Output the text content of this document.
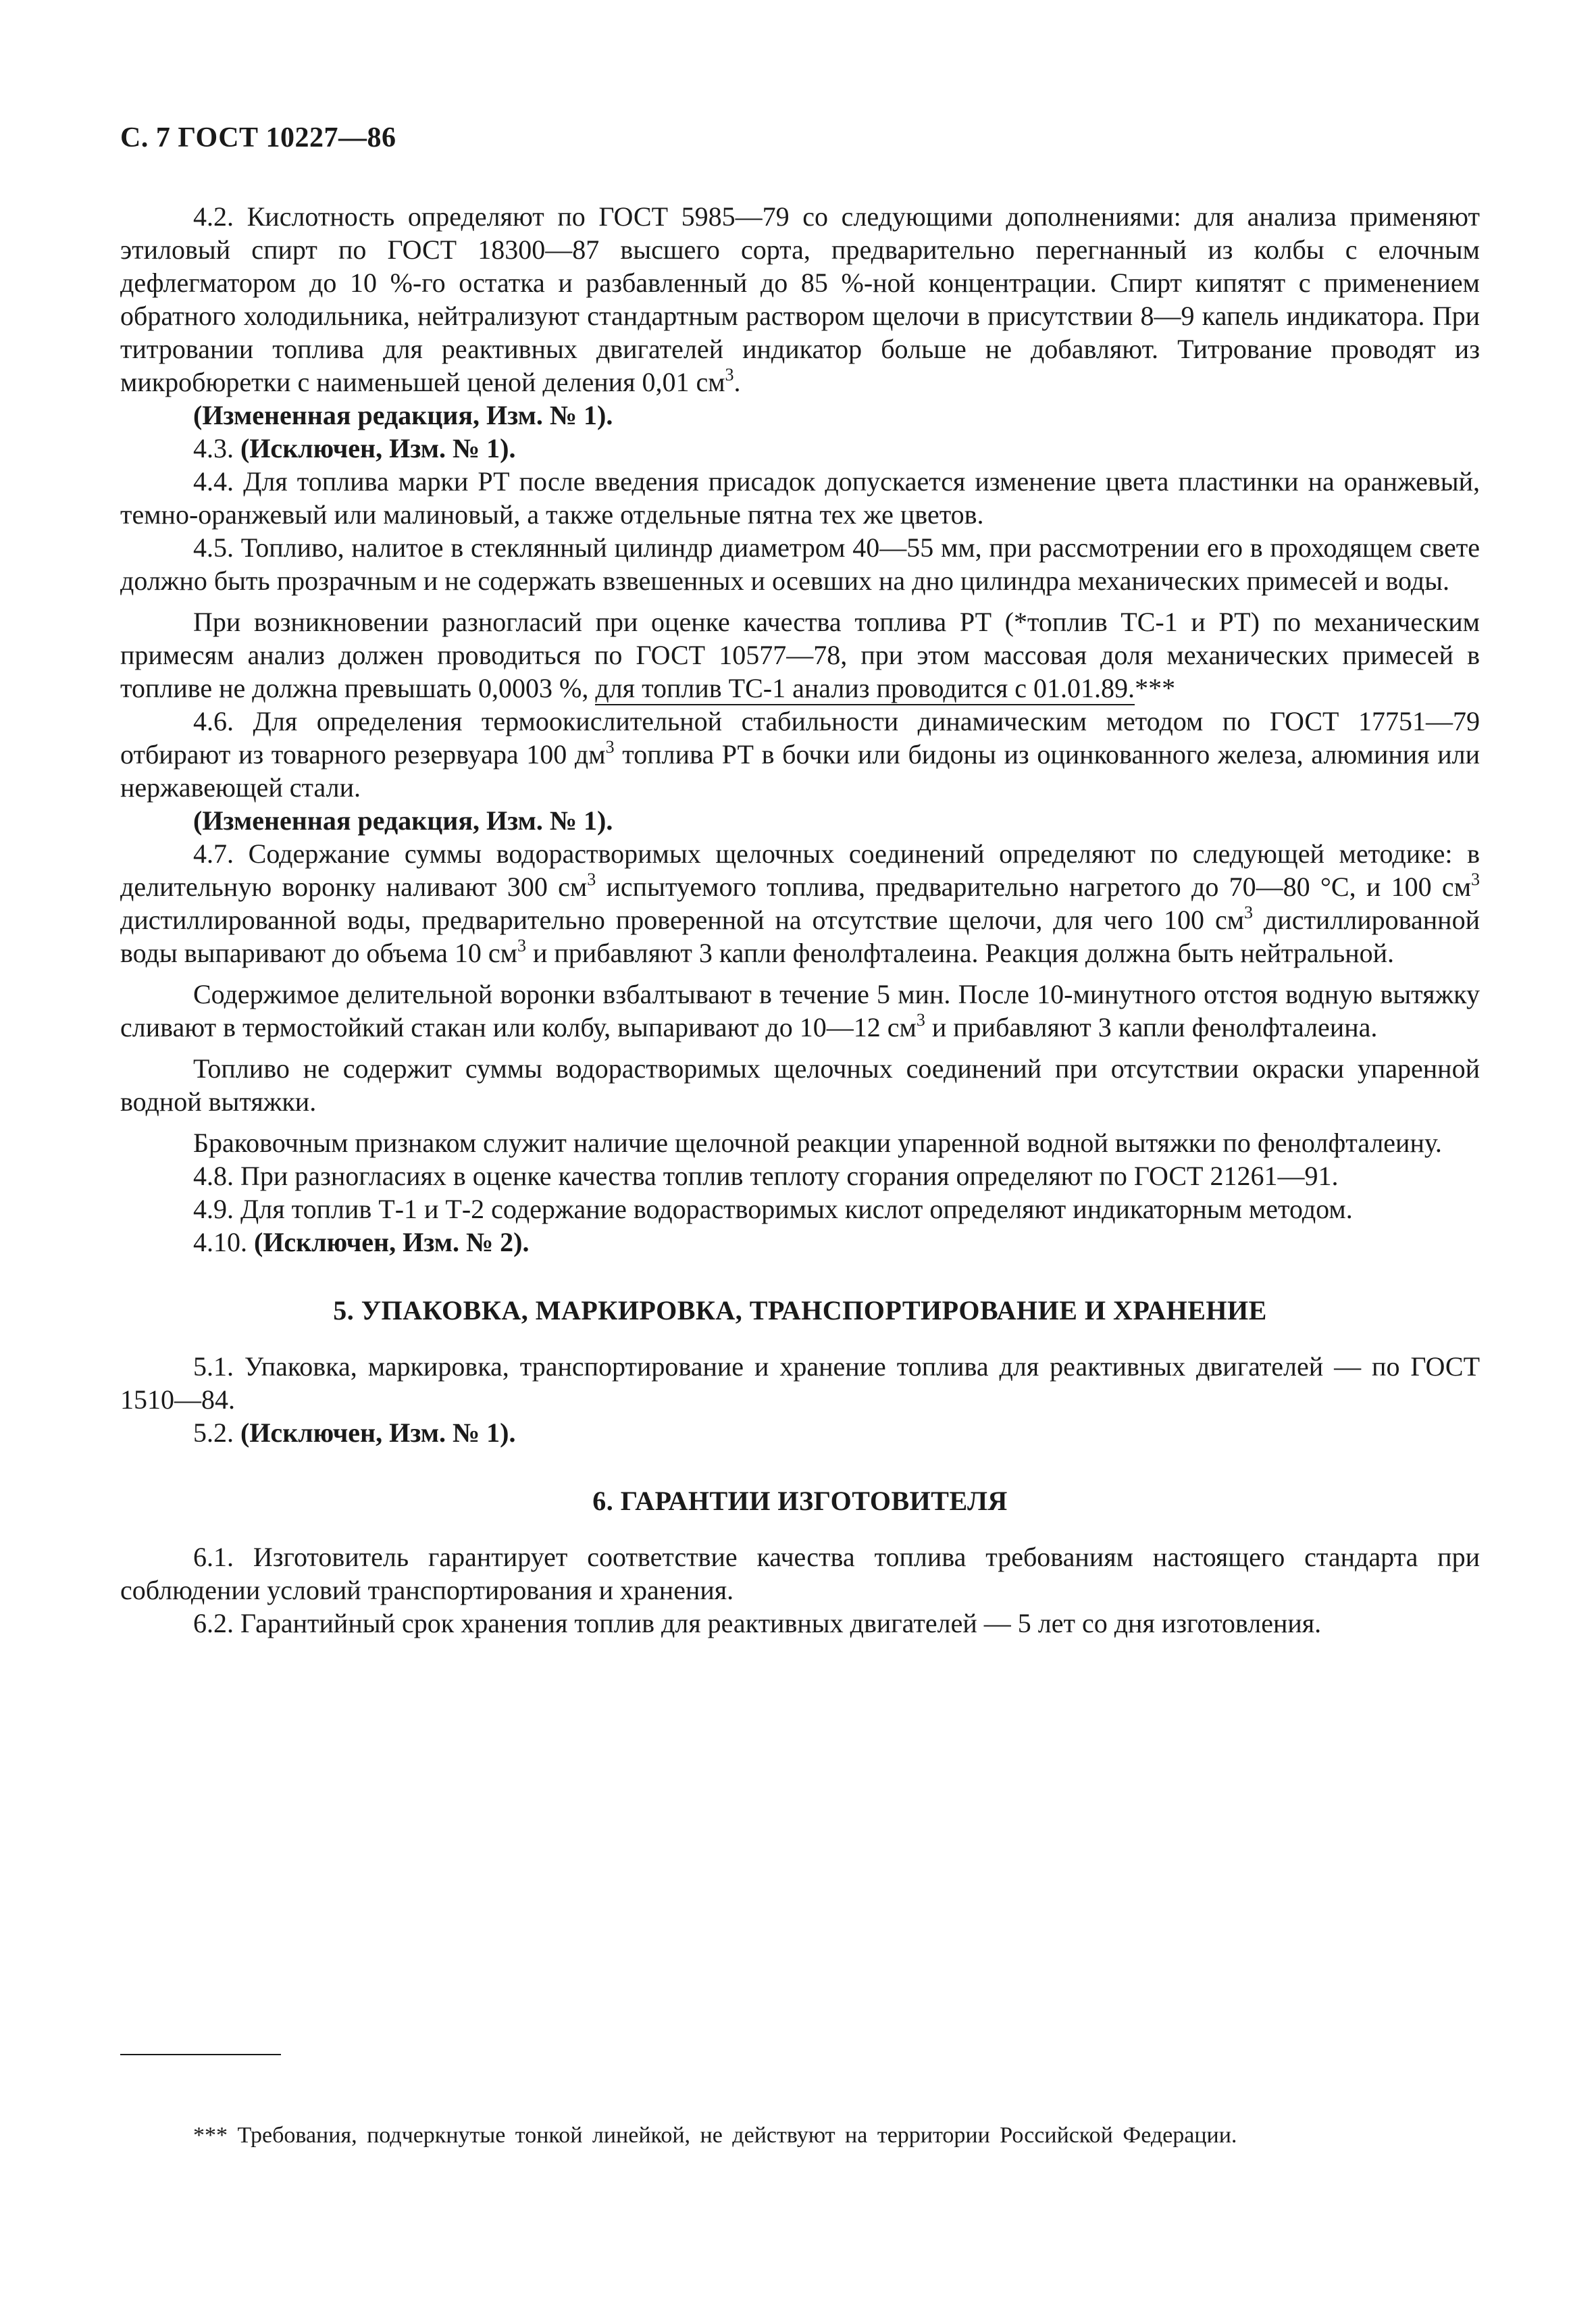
С. 7 ГОСТ 10227—86

4.2. Кислотность определяют по ГОСТ 5985—79 со следующими дополнениями: для анализа применяют этиловый спирт по ГОСТ 18300—87 высшего сорта, предварительно перегнанный из колбы с елочным дефлегматором до 10 %-го остатка и разбавленный до 85 %-ной концентрации. Спирт кипятят с применением обратного холодильника, нейтрализуют стандартным раствором щелочи в присутствии 8—9 капель индикатора. При титровании топлива для реактивных двигателей индикатор больше не добавляют. Титрование проводят из микробюретки с наименьшей ценой деления 0,01 $см^3$.

(Измененная редакция, Изм. № 1).

4.3. (Исключен, Изм. № 1).

4.4. Для топлива марки РТ после введения присадок допускается изменение цвета пластинки на оранжевый, темно-оранжевый или малиновый, а также отдельные пятна тех же цветов.

4.5. Топливо, налитое в стеклянный цилиндр диаметром 40—55 мм, при рассмотрении его в проходящем свете должно быть прозрачным и не содержать взвешенных и осевших на дно цилиндра механических примесей и воды.

При возникновении разногласий при оценке качества топлива РТ (*топлив ТС-1 и РТ) по механическим примесям анализ должен проводиться по ГОСТ 10577—78, при этом массовая доля механических примесей в топливе не должна превышать 0,0003 %, для топлив ТС-1 анализ проводится с 01.01.89.***

4.6. Для определения термоокислительной стабильности динамическим методом по ГОСТ 17751—79 отбирают из товарного резервуара 100 $дм^3$ топлива РТ в бочки или бидоны из оцинкованного железа, алюминия или нержавеющей стали.

(Измененная редакция, Изм. № 1).

4.7. Содержание суммы водорастворимых щелочных соединений определяют по следующей методике: в делительную воронку наливают 300 $см^3$ испытуемого топлива, предварительно нагретого до 70—80 °С, и 100 $см^3$ дистиллированной воды, предварительно проверенной на отсутствие щелочи, для чего 100 $см^3$ дистиллированной воды выпаривают до объема 10 $см^3$ и прибавляют 3 капли фенолфталеина. Реакция должна быть нейтральной.

Содержимое делительной воронки взбалтывают в течение 5 мин. После 10-минутного отстоя водную вытяжку сливают в термостойкий стакан или колбу, выпаривают до 10—12 $см^3$ и прибавляют 3 капли фенолфталеина.

Топливо не содержит суммы водорастворимых щелочных соединений при отсутствии окраски упаренной водной вытяжки.

Браковочным признаком служит наличие щелочной реакции упаренной водной вытяжки по фенолфталеину.

4.8. При разногласиях в оценке качества топлив теплоту сгорания определяют по ГОСТ 21261—91.

4.9. Для топлив Т-1 и Т-2 содержание водорастворимых кислот определяют индикаторным методом.

4.10. (Исключен, Изм. № 2).

5. УПАКОВКА, МАРКИРОВКА, ТРАНСПОРТИРОВАНИЕ И ХРАНЕНИЕ

5.1. Упаковка, маркировка, транспортирование и хранение топлива для реактивных двигателей — по ГОСТ 1510—84.

5.2. (Исключен, Изм. № 1).

6. ГАРАНТИИ ИЗГОТОВИТЕЛЯ

6.1. Изготовитель гарантирует соответствие качества топлива требованиям настоящего стандарта при соблюдении условий транспортирования и хранения.

6.2. Гарантийный срок хранения топлив для реактивных двигателей — 5 лет со дня изготовления.

*** Требования, подчеркнутые тонкой линейкой, не действуют на территории Российской Федерации.
